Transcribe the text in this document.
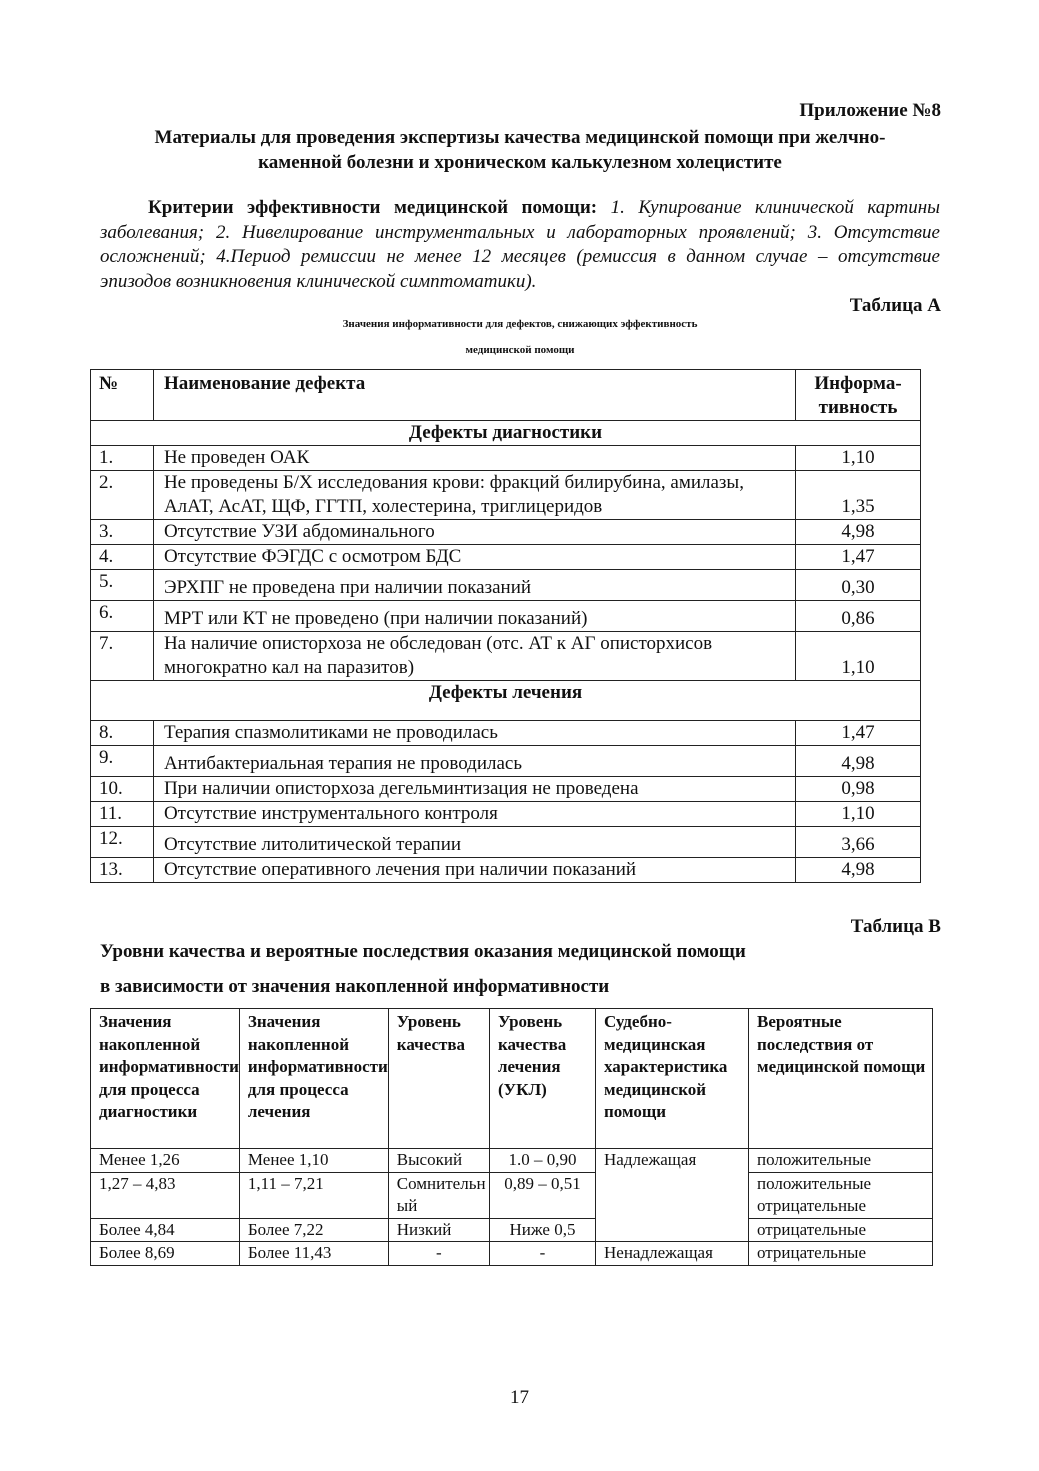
Приложение №8
Материалы для проведения экспертизы качества медицинской помощи при желчно-
каменной болезни и хроническом калькулезном холецистите
Критерии эффективности медицинской помощи: 1. Купирование клинической картины заболевания; 2. Нивелирование инструментальных и лабораторных проявлений; 3. Отсутствие осложнений; 4.Период ремиссии не менее 12 месяцев (ремиссия в данном случае – отсутствие эпизодов возникновения клинической симптоматики).
Таблица А
Значения информативности для дефектов, снижающих эффективность
медицинской помощи
№	Наименование дефекта	Информа-тивность
Дефекты диагностики		
1.	Не проведен ОАК	1,10
2.	Не проведены Б/Х исследования крови: фракций билирубина, амилазы, АлАТ, АсАТ, ЩФ, ГГТП, холестерина, триглицеридов	1,35
3.	Отсутствие УЗИ абдоминального	4,98
4.	Отсутствие ФЭГДС с осмотром БДС	1,47
5.	ЭРХПГ не проведена при наличии показаний	0,30
6.	МРТ или КТ не проведено (при наличии показаний)	0,86
7.	На наличие описторхоза не обследован (отс. АТ к АГ описторхисов многократно кал на паразитов)	1,10
Дефекты лечения		
8.	Терапия спазмолитиками не проводилась	1,47
9.	Антибактериальная терапия не проводилась	4,98
10.	При наличии описторхоза дегельминтизация не проведена	0,98
11.	Отсутствие инструментального контроля	1,10
12.	Отсутствие литолитической терапии	3,66
13.	Отсутствие оперативного лечения при наличии показаний	4,98
Таблица В
Уровни качества и вероятные последствия оказания медицинской помощи
в зависимости от значения накопленной информативности
Значения накопленной информативности для процесса диагностики	Значения накопленной информативности для процесса лечения	Уровень качества	Уровень качества лечения (УКЛ)	Судебно-медицинская характеристика медицинской помощи	Вероятные последствия от медицинской помощи
Менее 1,26	Менее 1,10	Высокий	1.0 – 0,90	Надлежащая	положительные
1,27 – 4,83	1,11 – 7,21	Сомнительный	0,89 – 0,51		положительные отрицательные
Более 4,84	Более 7,22	Низкий	Ниже 0,5		отрицательные
Более 8,69	Более 11,43	-	-	Ненадлежащая	отрицательные
17
